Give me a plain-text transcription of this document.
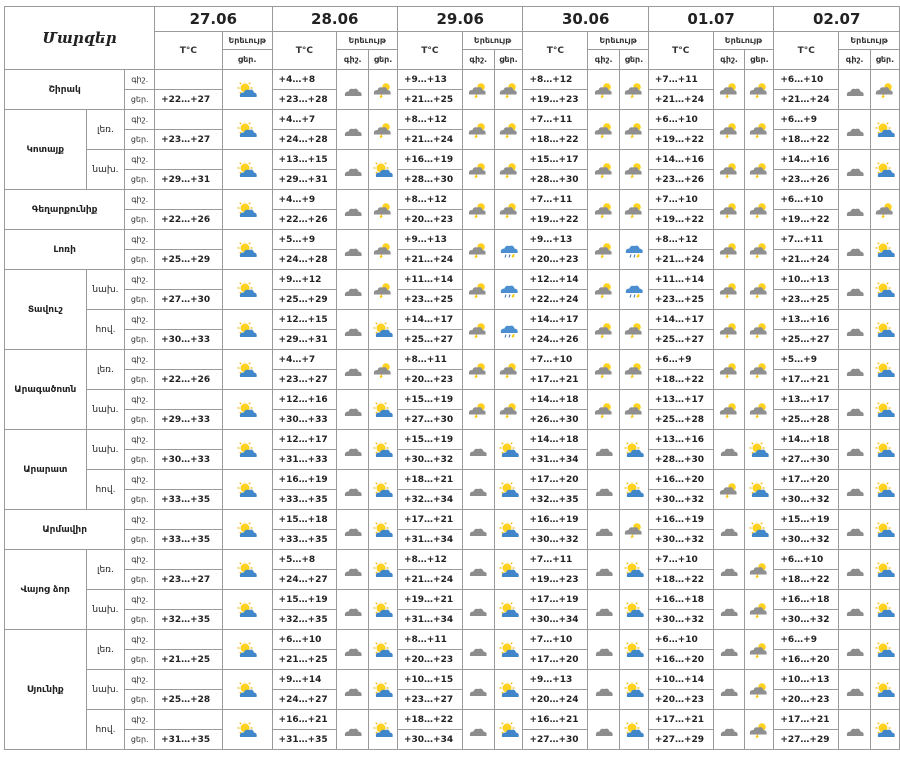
Մարզեր			27.06		28.06			29.06			30.06			01.07			02.07		
			T°C	Երեւույթ	T°C	Երեւույթ		T°C	Երեւույթ		T°C	Երեւույթ		T°C	Երեւույթ		T°C	Երեւույթ	
				ցեր.		գիշ.	ցեր.		գիշ.	ցեր.		գիշ.	ցեր.		գիշ.	ցեր.		գիշ.	ցեր.
Շիրակ		գիշ.			+4…+8			+9…+13			+8…+12			+7…+11			+6…+10		
		ցեր.	+22…+27		+23…+28			+21…+25			+19…+23			+21…+24			+21…+24		
Կոտայք	լեռ.	գիշ.			+4…+7			+8…+12			+7…+11			+6…+10			+6…+9		
		ցեր.	+23…+27		+24…+28			+21…+24			+18…+22			+19…+22			+18…+22		
	նախ.	գիշ.			+13…+15			+16…+19			+15…+17			+14…+16			+14…+16		
		ցեր.	+29…+31		+29…+31			+28…+30			+28…+30			+23…+26			+23…+26		
Գեղարքունիք		գիշ.			+4…+9			+8…+12			+7…+11			+7…+10			+6…+10		
		ցեր.	+22…+26		+22…+26			+20…+23			+19…+22			+19…+22			+19…+22		
Լոռի		գիշ.			+5…+9			+9…+13			+9…+13			+8…+12			+7…+11		
		ցեր.	+25…+29		+24…+28			+21…+24			+20…+23			+21…+24			+21…+24		
Տավուշ	նախ.	գիշ.			+9…+12			+11…+14			+12…+14			+11…+14			+10…+13		
		ցեր.	+27…+30		+25…+29			+23…+25			+22…+24			+23…+25			+23…+25		
	հով.	գիշ.			+12…+15			+14…+17			+14…+17			+14…+17			+13…+16		
		ցեր.	+30…+33		+29…+31			+25…+27			+24…+26			+25…+27			+25…+27		
Արագածոտն	լեռ.	գիշ.			+4…+7			+8…+11			+7…+10			+6…+9			+5…+9		
		ցեր.	+22…+26		+23…+27			+20…+23			+17…+21			+18…+22			+17…+21		
	նախ.	գիշ.			+12…+16			+15…+19			+14…+18			+13…+17			+13…+17		
		ցեր.	+29…+33		+30…+33			+27…+30			+26…+30			+25…+28			+25…+28		
Արարատ	նախ.	գիշ.			+12…+17			+15…+19			+14…+18			+13…+16			+14…+18		
		ցեր.	+30…+33		+31…+33			+30…+32			+31…+34			+28…+30			+27…+30		
	հով.	գիշ.			+16…+19			+18…+21			+17…+20			+16…+20			+17…+20		
		ցեր.	+33…+35		+33…+35			+32…+34			+32…+35			+30…+32			+30…+32		
Արմավիր		գիշ.			+15…+18			+17…+21			+16…+19			+16…+19			+15…+19		
		ցեր.	+33…+35		+33…+35			+31…+34			+30…+32			+30…+32			+30…+32		
Վայոց ձոր	լեռ.	գիշ.			+5…+8			+8…+12			+7…+11			+7…+10			+6…+10		
		ցեր.	+23…+27		+24…+27			+21…+24			+19…+23			+18…+22			+18…+22		
	նախ.	գիշ.			+15…+19			+19…+21			+17…+19			+16…+18			+16…+18		
		ցեր.	+32…+35		+32…+35			+31…+34			+30…+34			+30…+32			+30…+32		
Սյունիք	լեռ.	գիշ.			+6…+10			+8…+11			+7…+10			+6…+10			+6…+9		
		ցեր.	+21…+25		+21…+25			+20…+23			+17…+20			+16…+20			+16…+20		
	նախ.	գիշ.			+9…+14			+10…+15			+9…+13			+10…+14			+10…+13		
		ցեր.	+25…+28		+24…+27			+23…+27			+20…+24			+20…+23			+20…+23		
	հով.	գիշ.			+16…+21			+18…+22			+16…+21			+17…+21			+17…+21		
		ցեր.	+31…+35		+31…+35			+30…+34			+27…+30			+27…+29			+27…+29		
